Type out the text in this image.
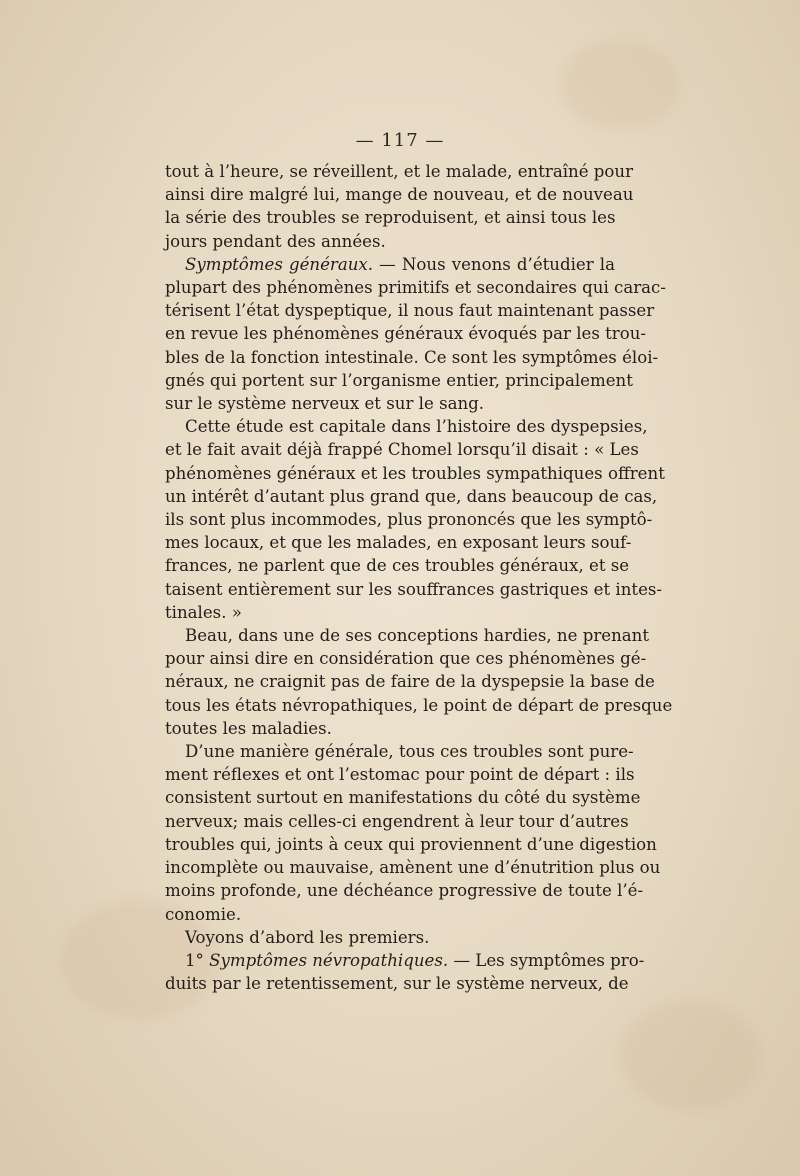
— 117 —
tout à l’heure, se réveillent, et le malade, entraîné pour
ainsi dire malgré lui, mange de nouveau, et de nouveau
la série des troubles se reproduisent, et ainsi tous les
jours pendant des années.
Symptômes généraux. — Nous venons d’étudier la
plupart des phénomènes primitifs et secondaires qui carac-
térisent l’état dyspeptique, il nous faut maintenant passer
en revue les phénomènes généraux évoqués par les trou-
bles de la fonction intestinale. Ce sont les symptômes éloi-
gnés qui portent sur l’organisme entier, principalement
sur le système nerveux et sur le sang.
Cette étude est capitale dans l’histoire des dyspepsies,
et le fait avait déjà frappé Chomel lorsqu’il disait : « Les
phénomènes généraux et les troubles sympathiques offrent
un intérêt d’autant plus grand que, dans beaucoup de cas,
ils sont plus incommodes, plus prononcés que les symptô-
mes locaux, et que les malades, en exposant leurs souf-
frances, ne parlent que de ces troubles généraux, et se
taisent entièrement sur les souffrances gastriques et intes-
tinales. »
Beau, dans une de ses conceptions hardies, ne prenant
pour ainsi dire en considération que ces phénomènes gé-
néraux, ne craignit pas de faire de la dyspepsie la base de
tous les états névropathiques, le point de départ de presque
toutes les maladies.
D’une manière générale, tous ces troubles sont pure-
ment réflexes et ont l’estomac pour point de départ : ils
consistent surtout en manifestations du côté du système
nerveux; mais celles-ci engendrent à leur tour d’autres
troubles qui, joints à ceux qui proviennent d’une digestion
incomplète ou mauvaise, amènent une d’énutrition plus ou
moins profonde, une déchéance progressive de toute l’é-
conomie.
Voyons d’abord les premiers.
1° Symptômes névropathiques. — Les symptômes pro-
duits par le retentissement, sur le système nerveux, de
